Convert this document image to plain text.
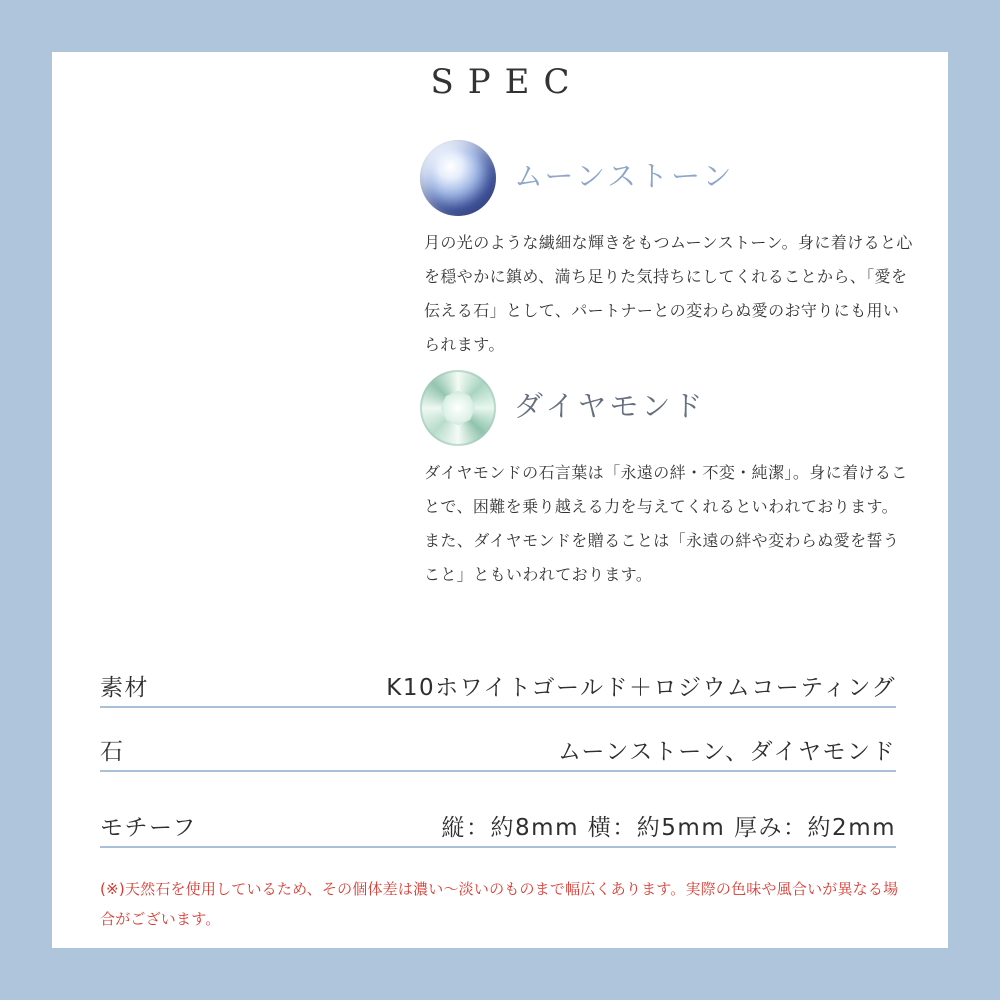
SPEC
ムーンストーン
月の光のような繊細な輝きをもつムーンストーン。身に着けると心を穏やかに鎮め、満ち足りた気持ちにしてくれることから、「愛を伝える石」として、パートナーとの変わらぬ愛のお守りにも用いられます。
ダイヤモンド
ダイヤモンドの石言葉は「永遠の絆・不変・純潔」。身に着けることで、困難を乗り越える力を与えてくれるといわれております。また、ダイヤモンドを贈ることは「永遠の絆や変わらぬ愛を誓うこと」ともいわれております。
素材	K10ホワイトゴールド＋ロジウムコーティング
石	ムーンストーン、ダイヤモンド
モチーフ	縦：約8mm 横：約5mm 厚み：約2mm
(※)天然石を使用しているため、その個体差は濃い〜淡いのものまで幅広くあります。実際の色味や風合いが異なる場合がございます。
